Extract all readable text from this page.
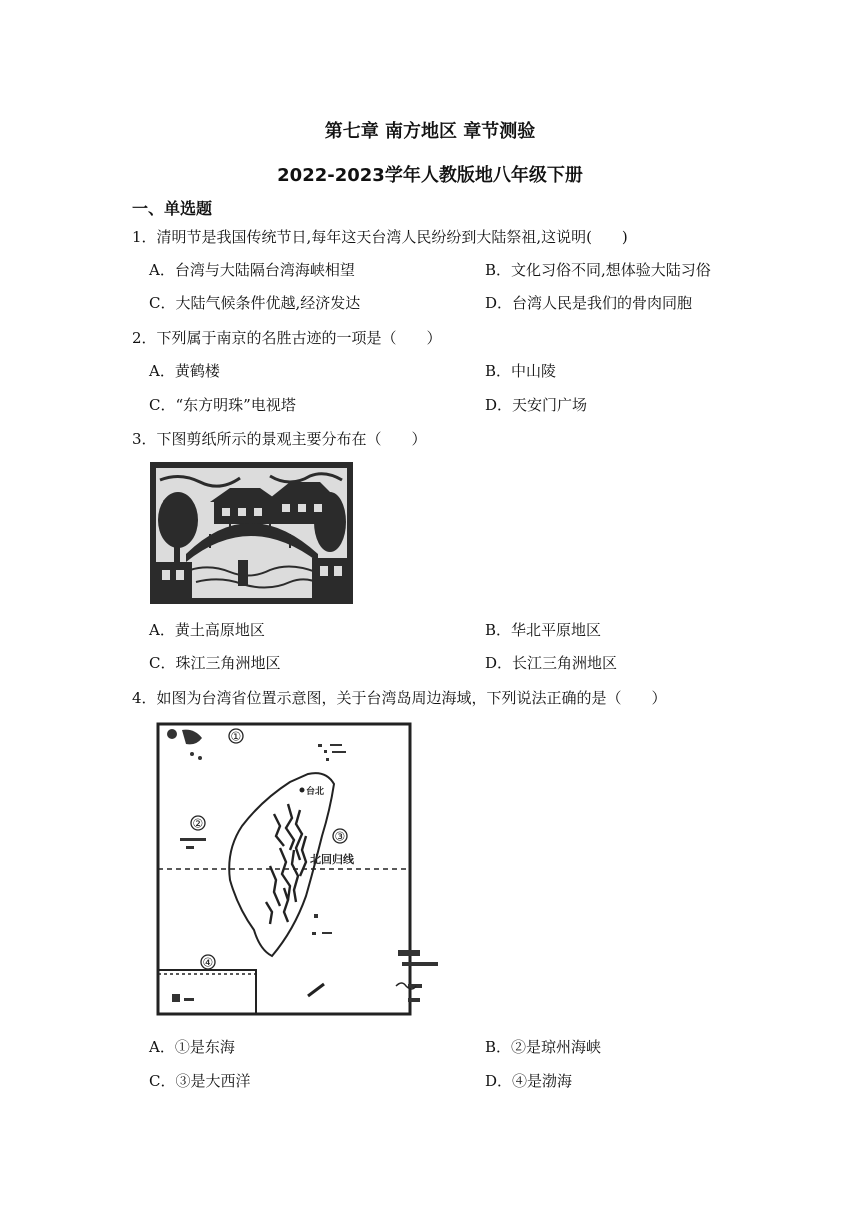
第七章 南方地区 章节测验
2022-2023学年人教版地八年级下册
一、单选题
1．清明节是我国传统节日,每年这天台湾人民纷纷到大陆祭祖,这说明(　　)
A．台湾与大陆隔台湾海峡相望	B．文化习俗不同,想体验大陆习俗
C．大陆气候条件优越,经济发达	D．台湾人民是我们的骨肉同胞
2．下列属于南京的名胜古迹的一项是（　　）
A．黄鹤楼	B．中山陵
C．“东方明珠”电视塔	D．天安门广场
3．下图剪纸所示的景观主要分布在（　　）
A．黄土高原地区	B．华北平原地区
C．珠江三角洲地区	D．长江三角洲地区
4．如图为台湾省位置示意图，关于台湾岛周边海域，下列说法正确的是（　　）
①
②
③
④
台北
北回归线
A．①是东海	B．②是琼州海峡
C．③是大西洋	D．④是渤海
